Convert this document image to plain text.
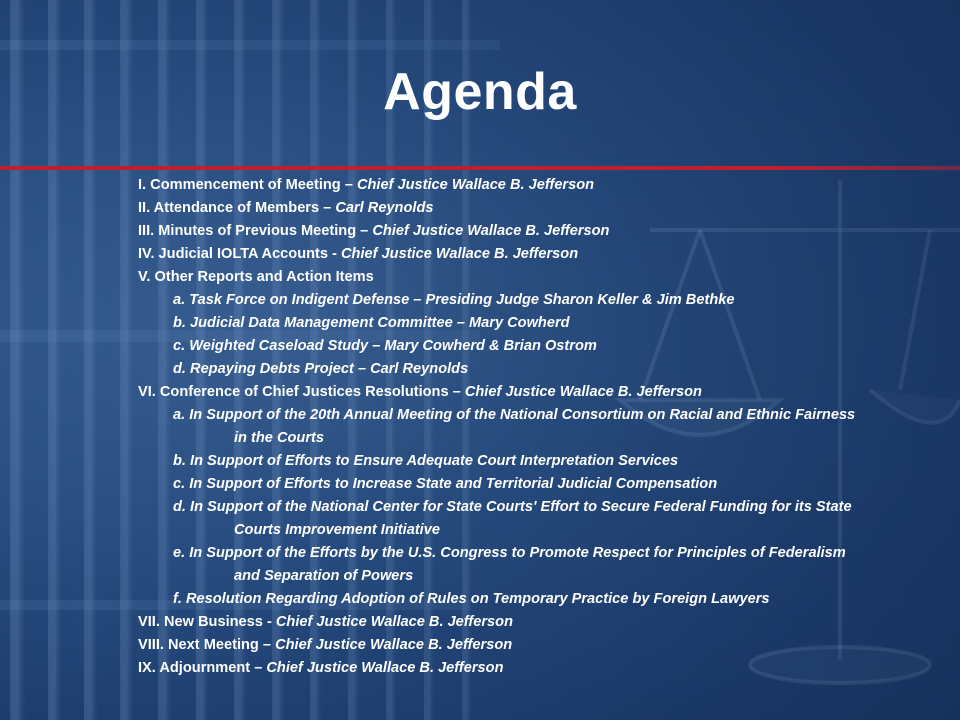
Agenda
I. Commencement of Meeting – Chief Justice Wallace B. Jefferson
II. Attendance of Members – Carl Reynolds
III. Minutes of Previous Meeting – Chief Justice Wallace B. Jefferson
IV. Judicial IOLTA Accounts - Chief Justice Wallace B. Jefferson
V. Other Reports and Action Items
a. Task Force on Indigent Defense – Presiding Judge Sharon Keller & Jim Bethke
b. Judicial Data Management Committee – Mary Cowherd
c. Weighted Caseload Study – Mary Cowherd & Brian Ostrom
d. Repaying Debts Project – Carl Reynolds
VI. Conference of Chief Justices Resolutions – Chief Justice Wallace B. Jefferson
a. In Support of the 20th Annual Meeting of the National Consortium on Racial and Ethnic Fairness
in the Courts
b. In Support of Efforts to Ensure Adequate Court Interpretation Services
c. In Support of Efforts to Increase State and Territorial Judicial Compensation
d. In Support of the National Center for State Courts' Effort to Secure Federal Funding for its State
Courts Improvement Initiative
e. In Support of the Efforts by the U.S. Congress to Promote Respect for Principles of Federalism
and Separation of Powers
f. Resolution Regarding Adoption of Rules on Temporary Practice by Foreign Lawyers
VII. New Business - Chief Justice Wallace B. Jefferson
VIII. Next Meeting – Chief Justice Wallace B. Jefferson
IX. Adjournment – Chief Justice Wallace B. Jefferson
